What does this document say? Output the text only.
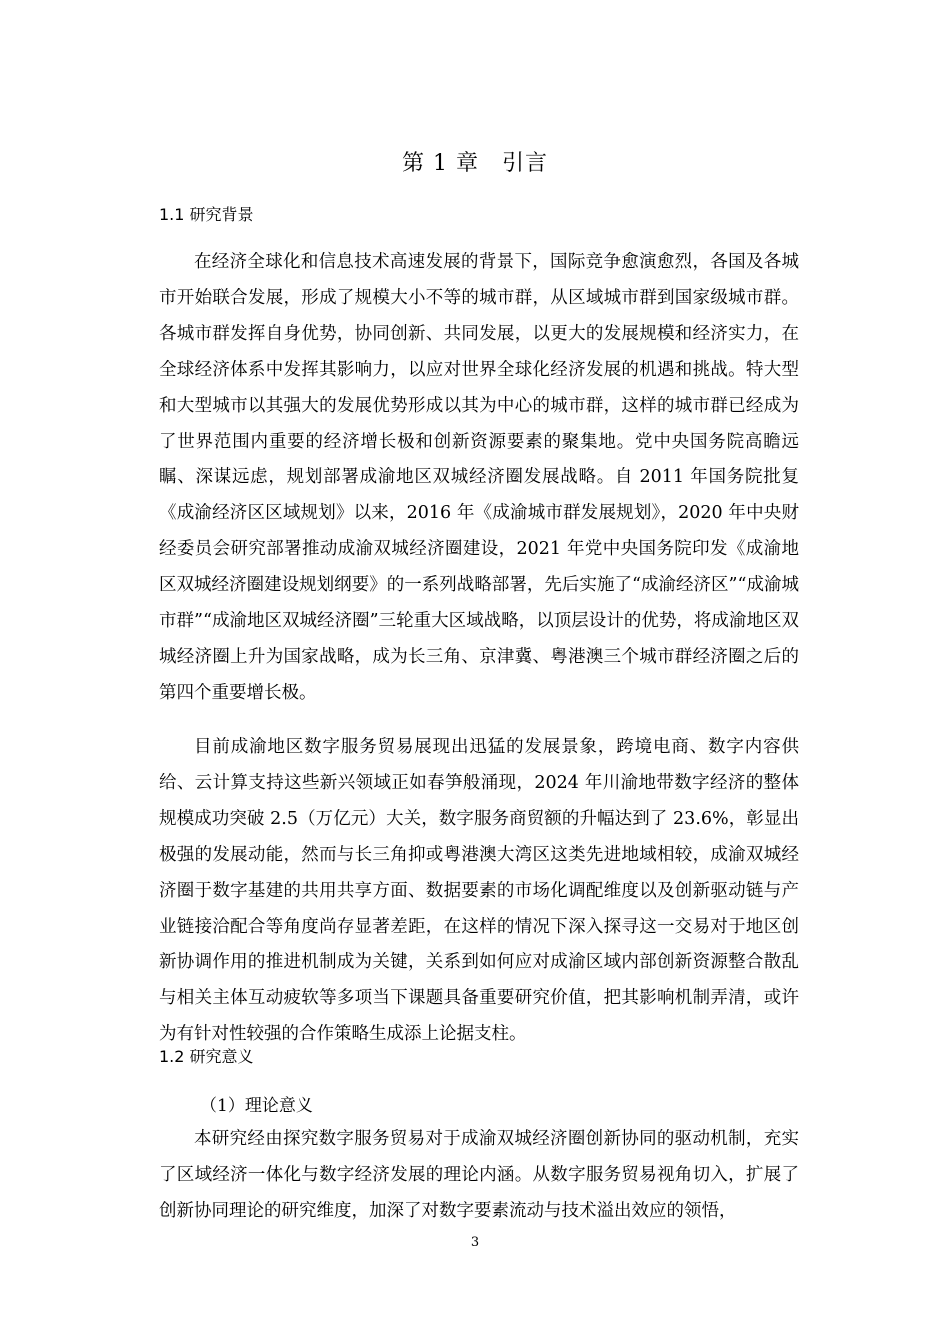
第 1 章　引言
1.1 研究背景

在经济全球化和信息技术高速发展的背景下，国际竞争愈演愈烈，各国及各城市开始联合发展，形成了规模大小不等的城市群，从区域城市群到国家级城市群。各城市群发挥自身优势，协同创新、共同发展，以更大的发展规模和经济实力，在全球经济体系中发挥其影响力，以应对世界全球化经济发展的机遇和挑战。特大型和大型城市以其强大的发展优势形成以其为中心的城市群，这样的城市群已经成为了世界范围内重要的经济增长极和创新资源要素的聚集地。党中央国务院高瞻远瞩、深谋远虑，规划部署成渝地区双城经济圈发展战略。自 2011 年国务院批复《成渝经济区区域规划》以来，2016 年《成渝城市群发展规划》，2020 年中央财经委员会研究部署推动成渝双城经济圈建设，2021 年党中央国务院印发《成渝地区双城经济圈建设规划纲要》的一系列战略部署，先后实施了“成渝经济区”“成渝城市群”“成渝地区双城经济圈”三轮重大区域战略，以顶层设计的优势，将成渝地区双城经济圈上升为国家战略，成为长三角、京津冀、粤港澳三个城市群经济圈之后的第四个重要增长极。

目前成渝地区数字服务贸易展现出迅猛的发展景象，跨境电商、数字内容供给、云计算支持这些新兴领域正如春笋般涌现，2024 年川渝地带数字经济的整体规模成功突破 2.5（万亿元）大关，数字服务商贸额的升幅达到了 23.6%，彰显出极强的发展动能，然而与长三角抑或粤港澳大湾区这类先进地域相较，成渝双城经济圈于数字基建的共用共享方面、数据要素的市场化调配维度以及创新驱动链与产业链接洽配合等角度尚存显著差距，在这样的情况下深入探寻这一交易对于地区创新协调作用的推进机制成为关键，关系到如何应对成渝区域内部创新资源整合散乱与相关主体互动疲软等多项当下课题具备重要研究价值，把其影响机制弄清，或许为有针对性较强的合作策略生成添上论据支柱。

1.2 研究意义
（1）理论意义

本研究经由探究数字服务贸易对于成渝双城经济圈创新协同的驱动机制，充实了区域经济一体化与数字经济发展的理论内涵。从数字服务贸易视角切入，扩展了创新协同理论的研究维度，加深了对数字要素流动与技术溢出效应的领悟，

3
